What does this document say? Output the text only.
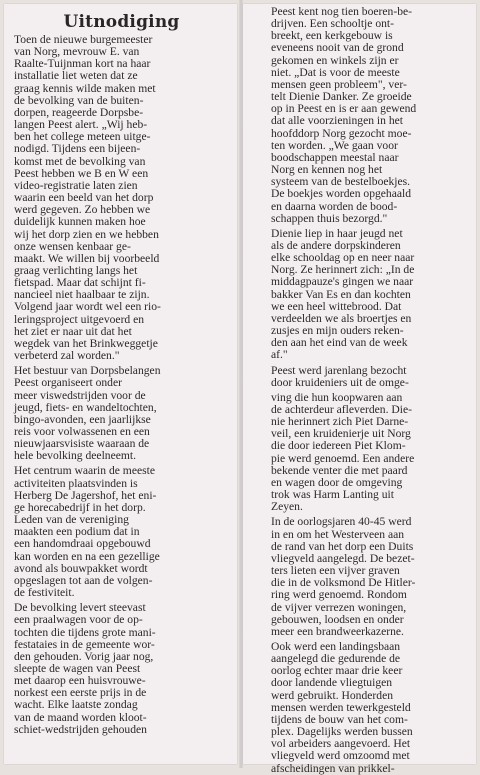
Uitnodiging

Toen de nieuwe burgemeester
van Norg, mevrouw E. van
Raalte-Tuijnman kort na haar
installatie liet weten dat ze
graag kennis wilde maken met
de bevolking van de buiten-
dorpen, reageerde Dorpsbe-
langen Peest alert. „Wij heb-
ben het college meteen uitge-
nodigd. Tijdens een bijeen-
komst met de bevolking van
Peest hebben we B en W een
video-registratie laten zien
waarin een beeld van het dorp
werd gegeven. Zo hebben we
duidelijk kunnen maken hoe
wij het dorp zien en we hebben
onze wensen kenbaar ge-
maakt. We willen bij voorbeeld
graag verlichting langs het
fietspad. Maar dat schijnt fi-
nancieel niet haalbaar te zijn.
Volgend jaar wordt wel een rio-
leringsproject uitgevoerd en
het ziet er naar uit dat het
wegdek van het Brinkweggetje
verbeterd zal worden."

Het bestuur van Dorpsbelangen
Peest organiseert onder
meer viswedstrijden voor de
jeugd, fiets- en wandeltochten,
bingo-avonden, een jaarlijkse
reis voor volwassenen en een
nieuwjaarsvisiste waaraan de
hele bevolking deelneemt.

Het centrum waarin de meeste
activiteiten plaatsvinden is
Herberg De Jagershof, het eni-
ge horecabedrijf in het dorp.
Leden van de vereniging
maakten een podium dat in
een handomdraai opgebouwd
kan worden en na een gezellige
avond als bouwpakket wordt
opgeslagen tot aan de volgen-
de festiviteit.

De bevolking levert steevast
een praalwagen voor de op-
tochten die tijdens grote mani-
festataies in de gemeente wor-
den gehouden. Vorig jaar nog,
sleepte de wagen van Peest
met daarop een huisvrouwe-
norkest een eerste prijs in de
wacht. Elke laatste zondag
van de maand worden kloot-
schiet-wedstrijden gehouden

Peest kent nog tien boeren-be-
drijven. Een schooltje ont-
breekt, een kerkgebouw is
eveneens nooit van de grond
gekomen en winkels zijn er
niet. „Dat is voor de meeste
mensen geen probleem", ver-
telt Dienie Danker. Ze groeide
op in Peest en is er aan gewend
dat alle voorzieningen in het
hoofddorp Norg gezocht moe-
ten worden. „We gaan voor
boodschappen meestal naar
Norg en kennen nog het
systeem van de bestelboekjes.
De boekjes worden opgehaald
en daarna worden de bood-
schappen thuis bezorgd."

Dienie liep in haar jeugd net
als de andere dorpskinderen
elke schooldag op en neer naar
Norg. Ze herinnert zich: „In de
middagpauze's gingen we naar
bakker Van Es en dan kochten
we een heel wittebrood. Dat
verdeelden we als broertjes en
zusjes en mijn ouders reken-
den aan het eind van de week
af."

Peest werd jarenlang bezocht
door kruideniers uit de omge-

ving die hun koopwaren aan
de achterdeur afleverden. Die-
nie herinnert zich Piet Darne-
veil, een kruidenierje uit Norg
die door iedereen Piet Klom-
pie werd genoemd. Een andere
bekende venter die met paard
en wagen door de omgeving
trok was Harm Lanting uit
Zeyen.

In de oorlogsjaren 40-45 werd
in en om het Westerveen aan
de rand van het dorp een Duits
vliegveld aangelegd. De bezet-
ters lieten een vijver graven
die in de volksmond De Hitler-
ring werd genoemd. Rondom
de vijver verrezen woningen,
gebouwen, loodsen en onder
meer een brandweerkazerne.

Ook werd een landingsbaan
aangelegd die gedurende de
oorlog echter maar drie keer
door landende vliegtuigen
werd gebruikt. Honderden
mensen werden tewerkgesteld
tijdens de bouw van het com-
plex. Dagelijks werden bussen
vol arbeiders aangevoerd. Het
vliegveld werd omzoomd met
afscheidingen van prikkel-
